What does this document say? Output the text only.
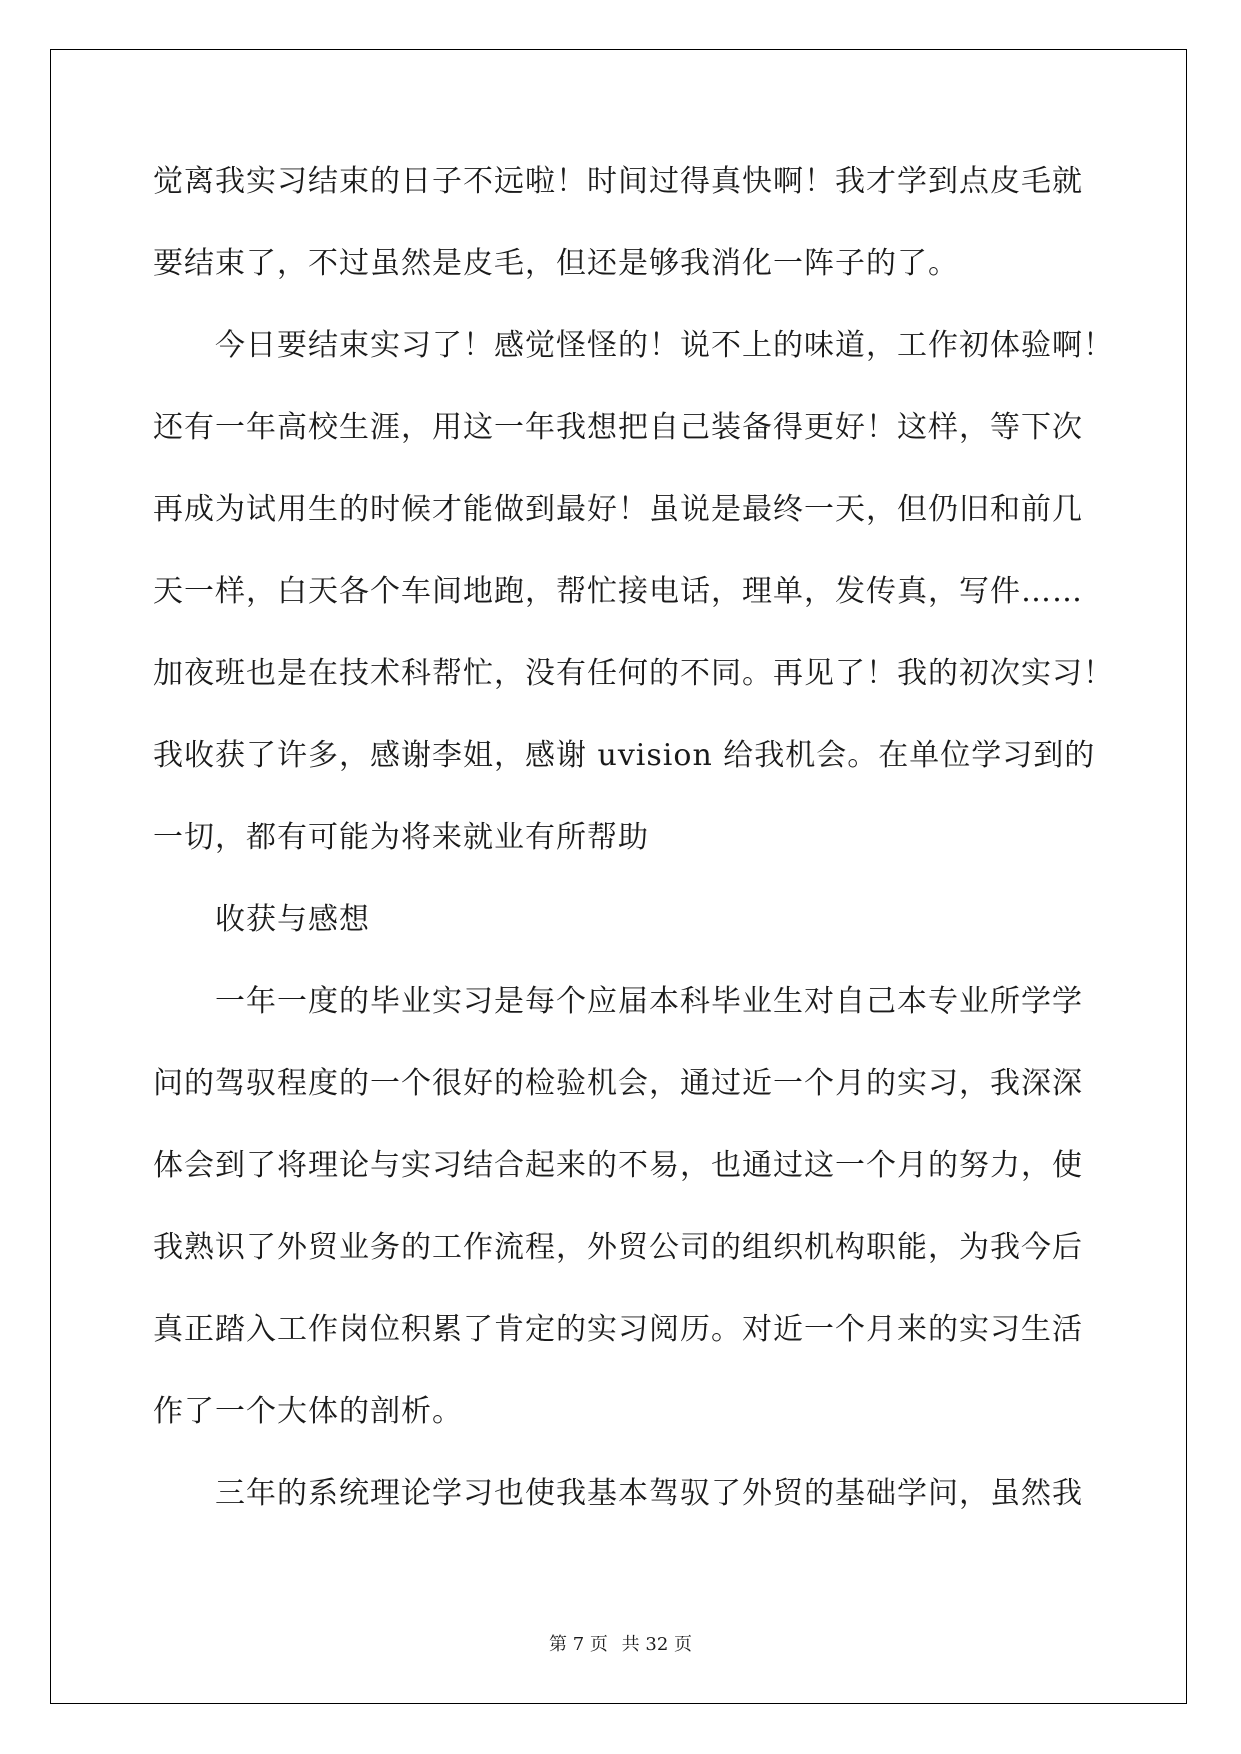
觉离我实习结束的日子不远啦！时间过得真快啊！我才学到点皮毛就
要结束了，不过虽然是皮毛，但还是够我消化一阵子的了。
今日要结束实习了！感觉怪怪的！说不上的味道，工作初体验啊！
还有一年高校生涯，用这一年我想把自己装备得更好！这样，等下次
再成为试用生的时候才能做到最好！虽说是最终一天，但仍旧和前几
天一样，白天各个车间地跑，帮忙接电话，理单，发传真，写件……
加夜班也是在技术科帮忙，没有任何的不同。再见了！我的初次实习！
我收获了许多，感谢李姐，感谢 uvision 给我机会。在单位学习到的
一切，都有可能为将来就业有所帮助
收获与感想
一年一度的毕业实习是每个应届本科毕业生对自己本专业所学学
问的驾驭程度的一个很好的检验机会，通过近一个月的实习，我深深
体会到了将理论与实习结合起来的不易，也通过这一个月的努力，使
我熟识了外贸业务的工作流程，外贸公司的组织机构职能，为我今后
真正踏入工作岗位积累了肯定的实习阅历。对近一个月来的实习生活
作了一个大体的剖析。
三年的系统理论学习也使我基本驾驭了外贸的基础学问，虽然我
第 7 页 共 32 页
